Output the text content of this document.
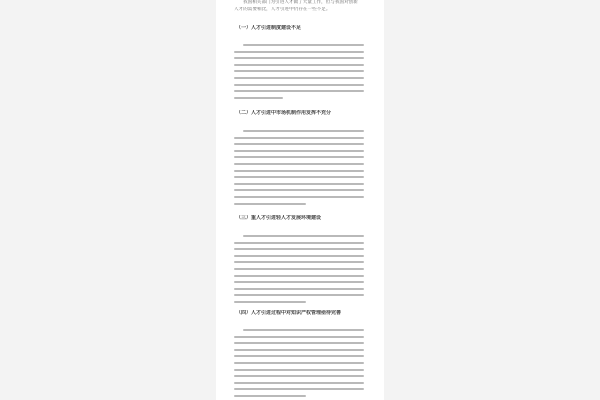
我国相关部门为引进人才做了大量工作，但与我国对创新
人才的需要相比，人才引进中仍存在一些不足。
（一）人才引进制度建设不足
（二）人才引进中市场机制作用发挥不充分
（三）重人才引进轻人才发展环境建设
（四）人才引进过程中对知识产权管理亟待完善
